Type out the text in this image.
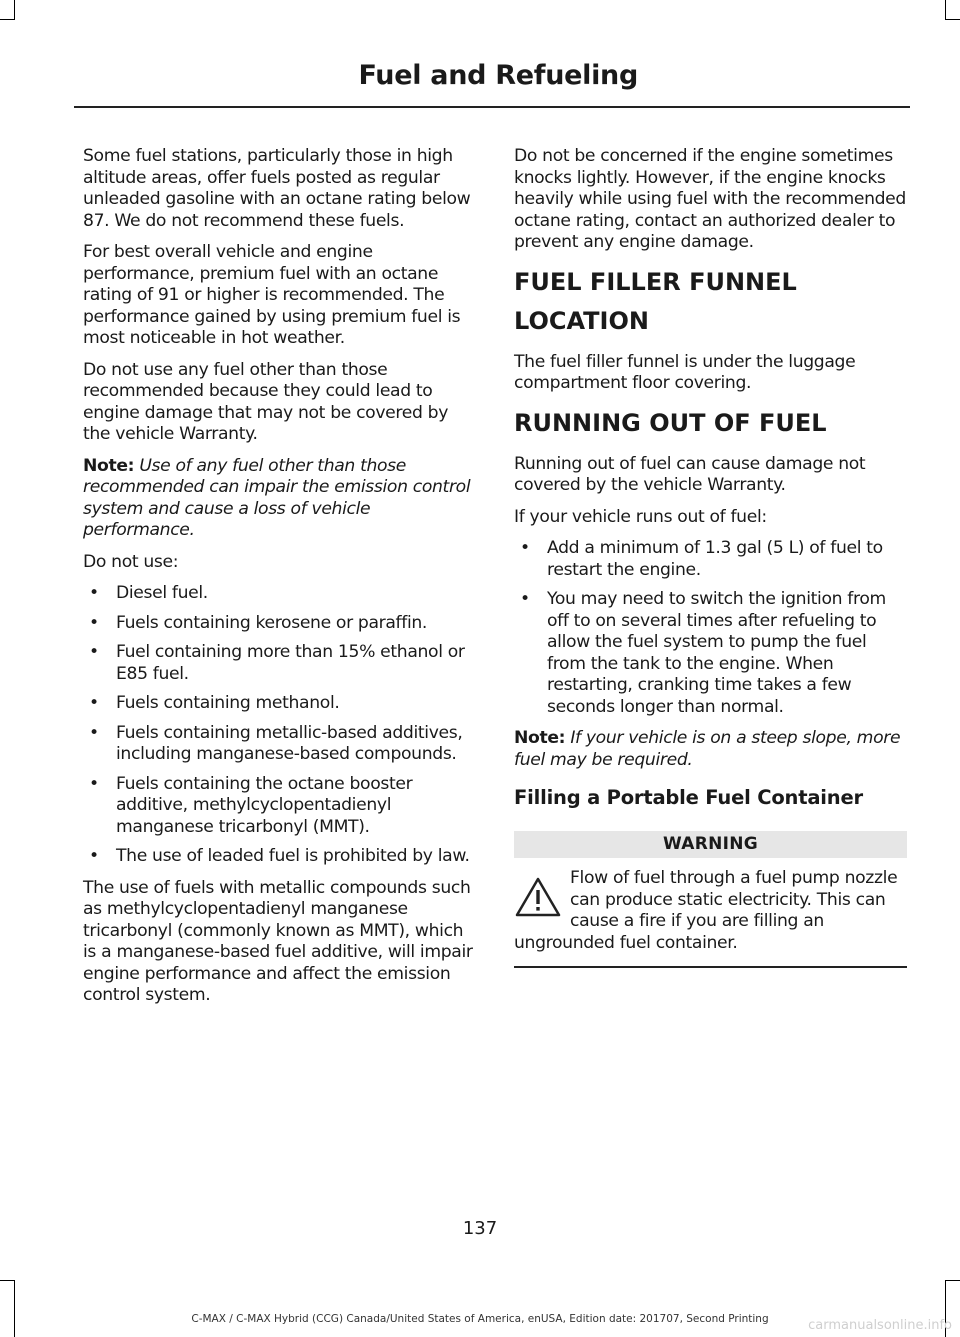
Fuel and Refueling

Some fuel stations, particularly those in high altitude areas, offer fuels posted as regular unleaded gasoline with an octane rating below 87. We do not recommend these fuels.

For best overall vehicle and engine performance, premium fuel with an octane rating of 91 or higher is recommended. The performance gained by using premium fuel is most noticeable in hot weather.

Do not use any fuel other than those recommended because they could lead to engine damage that may not be covered by the vehicle Warranty.

Note: Use of any fuel other than those recommended can impair the emission control system and cause a loss of vehicle performance.

Do not use:

• Diesel fuel.
• Fuels containing kerosene or paraffin.
• Fuel containing more than 15% ethanol or E85 fuel.
• Fuels containing methanol.
• Fuels containing metallic-based additives, including manganese-based compounds.
• Fuels containing the octane booster additive, methylcyclopentadienyl manganese tricarbonyl (MMT).
• The use of leaded fuel is prohibited by law.

The use of fuels with metallic compounds such as methylcyclopentadienyl manganese tricarbonyl (commonly known as MMT), which is a manganese-based fuel additive, will impair engine performance and affect the emission control system.

Do not be concerned if the engine sometimes knocks lightly. However, if the engine knocks heavily while using fuel with the recommended octane rating, contact an authorized dealer to prevent any engine damage.

FUEL FILLER FUNNEL
LOCATION

The fuel filler funnel is under the luggage compartment floor covering.

RUNNING OUT OF FUEL

Running out of fuel can cause damage not covered by the vehicle Warranty.

If your vehicle runs out of fuel:

• Add a minimum of 1.3 gal (5 L) of fuel to restart the engine.
• You may need to switch the ignition from off to on several times after refueling to allow the fuel system to pump the fuel from the tank to the engine. When restarting, cranking time takes a few seconds longer than normal.

Note: If your vehicle is on a steep slope, more fuel may be required.

Filling a Portable Fuel Container
WARNING
Flow of fuel through a fuel pump nozzle can produce static electricity. This can cause a fire if you are filling an ungrounded fuel container.
137
C-MAX / C-MAX Hybrid (CCG) Canada/United States of America, enUSA, Edition date: 201707, Second Printing	carmanualsonline.info
